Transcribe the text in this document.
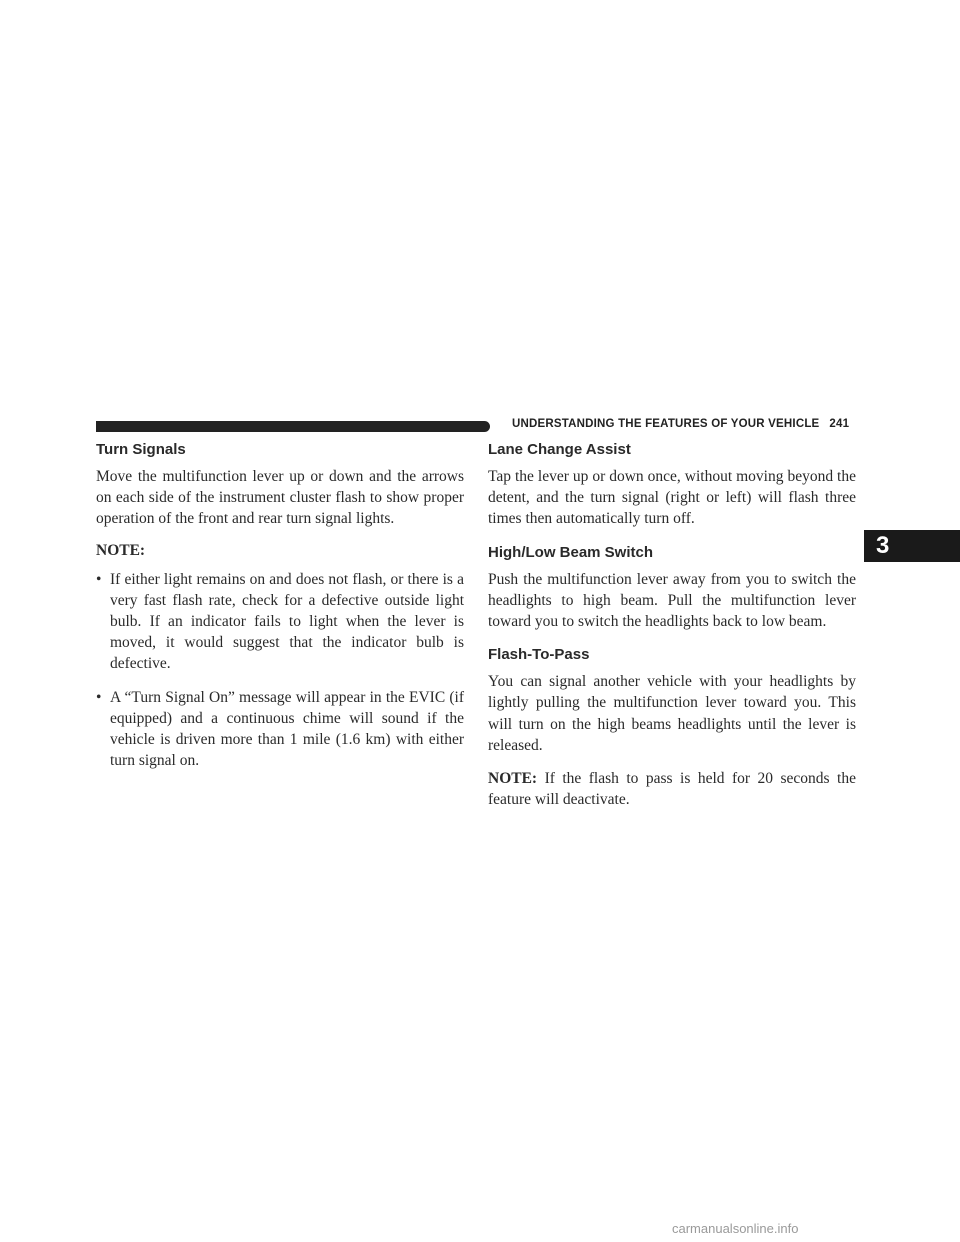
UNDERSTANDING THE FEATURES OF YOUR VEHICLE 241
Turn Signals

Move the multifunction lever up or down and the arrows on each side of the instrument cluster flash to show proper operation of the front and rear turn signal lights.

NOTE:
• If either light remains on and does not flash, or there is a very fast flash rate, check for a defective outside light bulb. If an indicator fails to light when the lever is moved, it would suggest that the indicator bulb is defective.
• A “Turn Signal On” message will appear in the EVIC (if equipped) and a continuous chime will sound if the vehicle is driven more than 1 mile (1.6 km) with either turn signal on.
Lane Change Assist

Tap the lever up or down once, without moving beyond the detent, and the turn signal (right or left) will flash three times then automatically turn off.

High/Low Beam Switch

Push the multifunction lever away from you to switch the headlights to high beam. Pull the multifunction lever toward you to switch the headlights back to low beam.

Flash-To-Pass

You can signal another vehicle with your headlights by lightly pulling the multifunction lever toward you. This will turn on the high beams headlights until the lever is released.

NOTE: If the flash to pass is held for 20 seconds the feature will deactivate.

3
carmanualsonline.info
